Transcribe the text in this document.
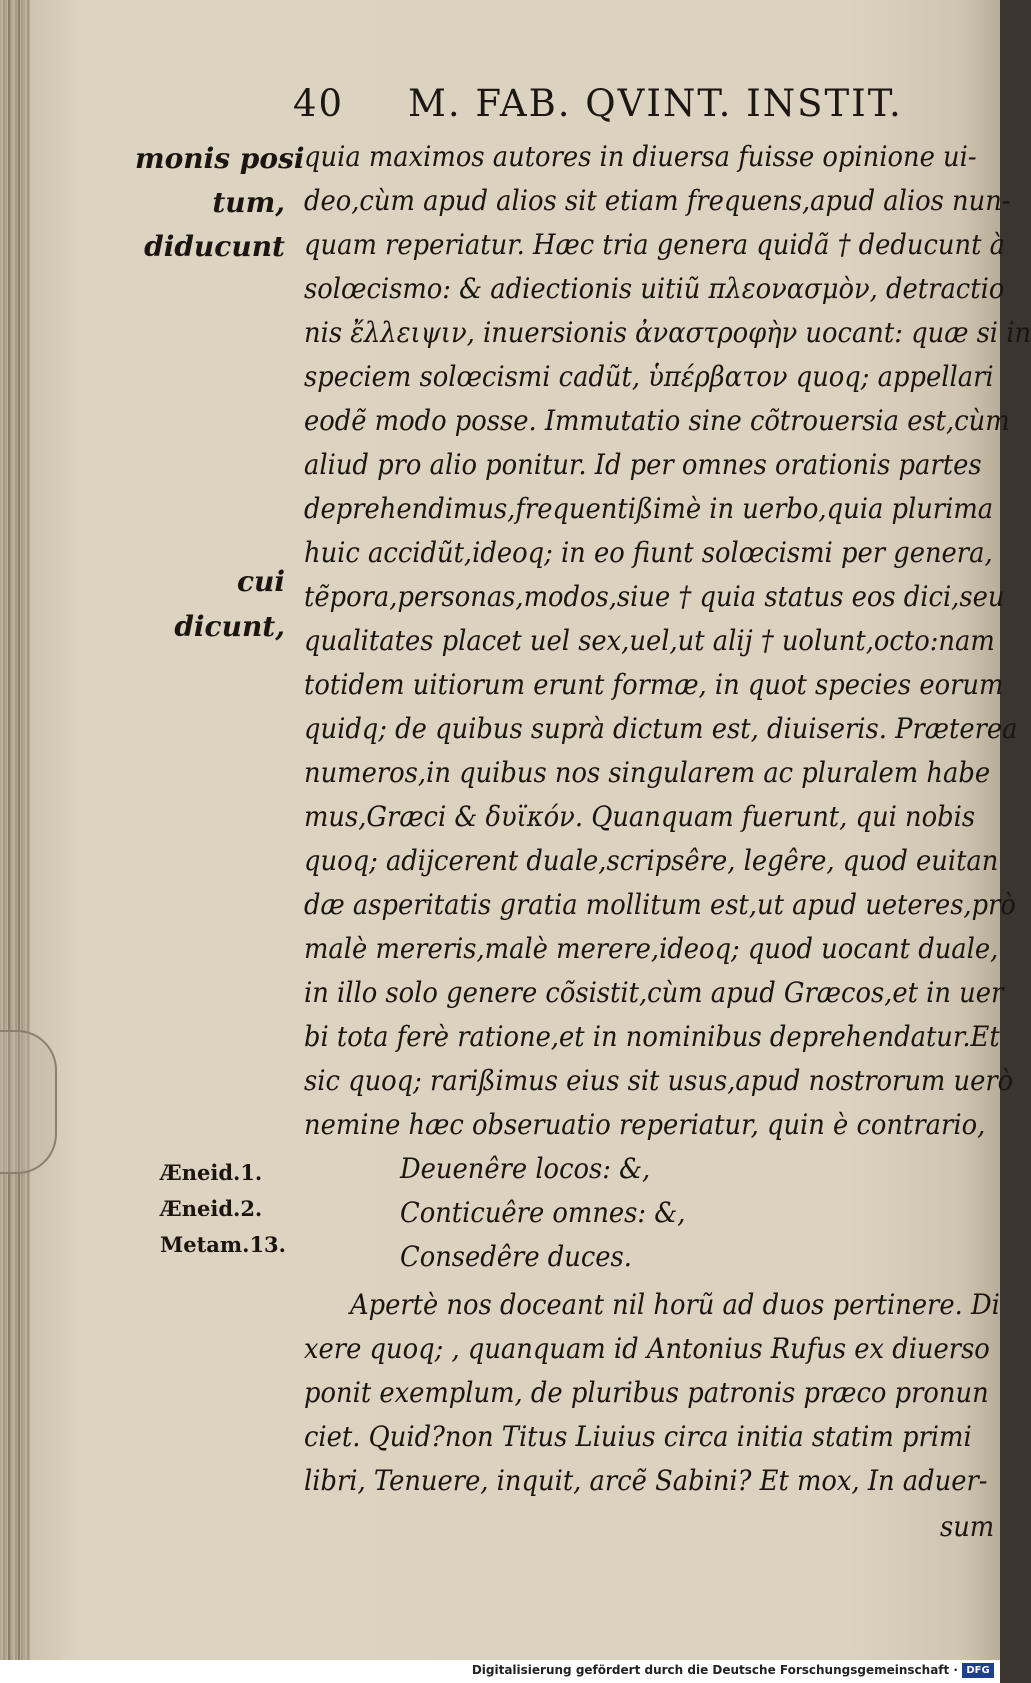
40 M. FAB. QVINT. INSTIT.
monis posi
tum,
diducunt
cui
dicunt,
quia maximos autores in diuersa fuisse opinione ui-
deo,cùm apud alios sit etiam frequens,apud alios nun-
quam reperiatur. Hæc tria genera quidã † deducunt à
solœcismo: & adiectionis uitiũ πλεονασμὸν, detractio
nis ἔλλειψιν, inuersionis ἀναστροφὴν uocant: quæ si in
speciem solœcismi cadũt, ὑπέρβατον quoq; appellari
eodẽ modo posse. Immutatio sine cõtrouersia est,cùm
aliud pro alio ponitur. Id per omnes orationis partes
deprehendimus,frequentißimè in uerbo,quia plurima
huic accidũt,ideoq; in eo fiunt solœcismi per genera,
tẽpora,personas,modos,siue † quia status eos dici,seu
qualitates placet uel sex,uel,ut alij † uolunt,octo:nam
totidem uitiorum erunt formæ, in quot species eorum
quidq; de quibus suprà dictum est, diuiseris. Præterea
numeros,in quibus nos singularem ac pluralem habe
mus,Græci & δυϊκόν. Quanquam fuerunt, qui nobis
quoq; adijcerent duale,scripsêre, legêre, quod euitan
dæ asperitatis gratia mollitum est,ut apud ueteres,prò
malè mereris,malè merere,ideoq; quod uocant duale,
in illo solo genere cõsistit,cùm apud Græcos,et in uer
bi tota ferè ratione,et in nominibus deprehendatur.Et
sic quoq; rarißimus eius sit usus,apud nostrorum uerò
nemine hæc obseruatio reperiatur, quin è contrario,
Æneid.1.	Deuenêre locos: &,
Æneid.2.	Conticuêre omnes: &,
Metam.13.	Consedêre duces.
Apertè nos doceant nil horũ ad duos pertinere. Di
xere quoq; , quanquam id Antonius Rufus ex diuerso
ponit exemplum, de pluribus patronis præco pronun
ciet. Quid?non Titus Liuius circa initia statim primi
libri, Tenuere, inquit, arcẽ Sabini? Et mox, In aduer-
sum
Digitalisierung gefördert durch die Deutsche Forschungsgemeinschaft · DFG
